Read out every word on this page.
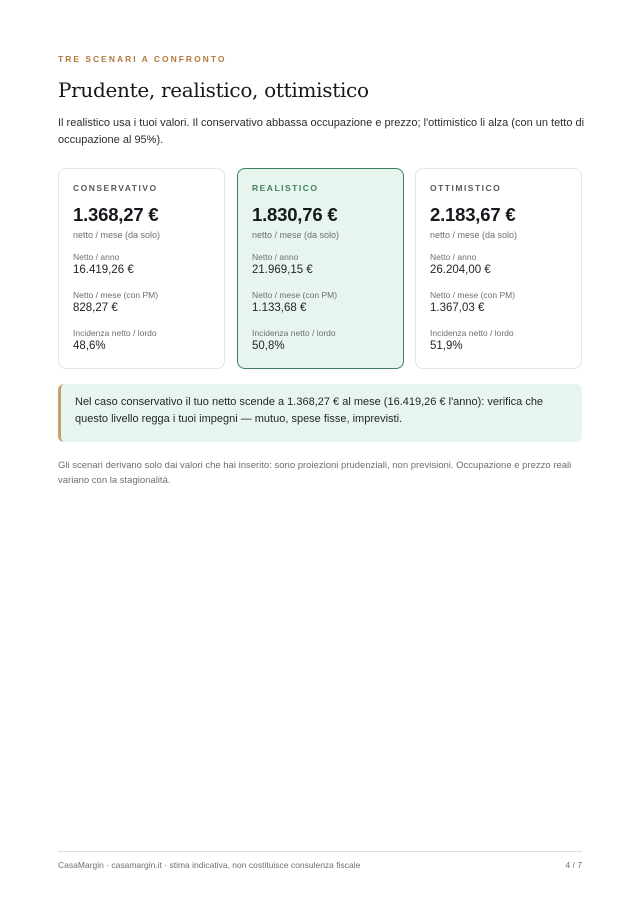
TRE SCENARI A CONFRONTO
Prudente, realistico, ottimistico

Il realistico usa i tuoi valori. Il conservativo abbassa occupazione e prezzo; l'ottimistico li alza (con un tetto di occupazione al 95%).

CONSERVATIVO
1.368,27 €
netto / mese (da solo)
Netto / anno
16.419,26 €
Netto / mese (con PM)
828,27 €
Incidenza netto / lordo
48,6%
REALISTICO
1.830,76 €
netto / mese (da solo)
Netto / anno
21.969,15 €
Netto / mese (con PM)
1.133,68 €
Incidenza netto / lordo
50,8%
OTTIMISTICO
2.183,67 €
netto / mese (da solo)
Netto / anno
26.204,00 €
Netto / mese (con PM)
1.367,03 €
Incidenza netto / lordo
51,9%
Nel caso conservativo il tuo netto scende a 1.368,27 € al mese (16.419,26 € l'anno): verifica che questo livello regga i tuoi impegni — mutuo, spese fisse, imprevisti.

Gli scenari derivano solo dai valori che hai inserito: sono proiezioni prudenziali, non previsioni. Occupazione e prezzo reali variano con la stagionalità.

CasaMargin · casamargin.it · stima indicativa, non costituisce consulenza fiscale	4 / 7
